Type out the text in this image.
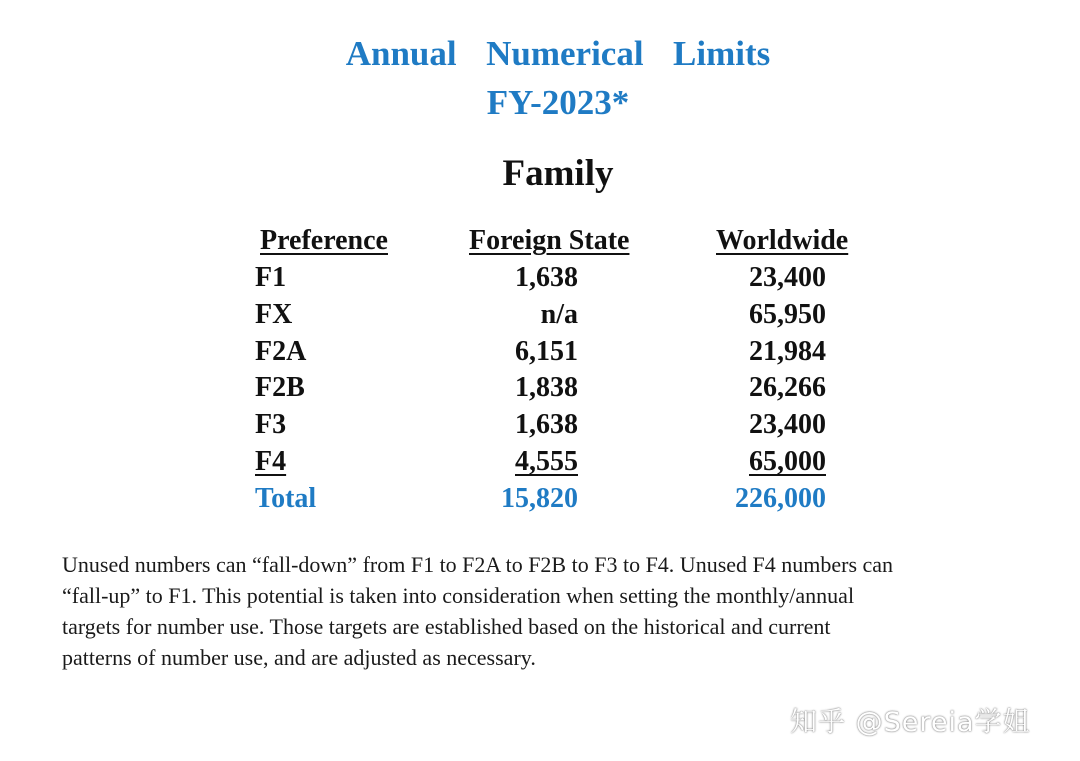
Annual  Numerical  Limits
FY-2023*
Family
Preference	Foreign State	Worldwide
F1	1,638	23,400
FX	n/a	65,950
F2A	6,151	21,984
F2B	1,838	26,266
F3	1,638	23,400
F4	4,555	65,000
Total	15,820	226,000

Unused numbers can “fall-down” from F1 to F2A to F2B to F3 to F4. Unused F4 numbers can

“fall-up” to F1. This potential is taken into consideration when setting the monthly/annual

targets for number use. Those targets are established based on the historical and current

patterns of number use, and are adjusted as necessary.

知乎 @Sereia学姐
